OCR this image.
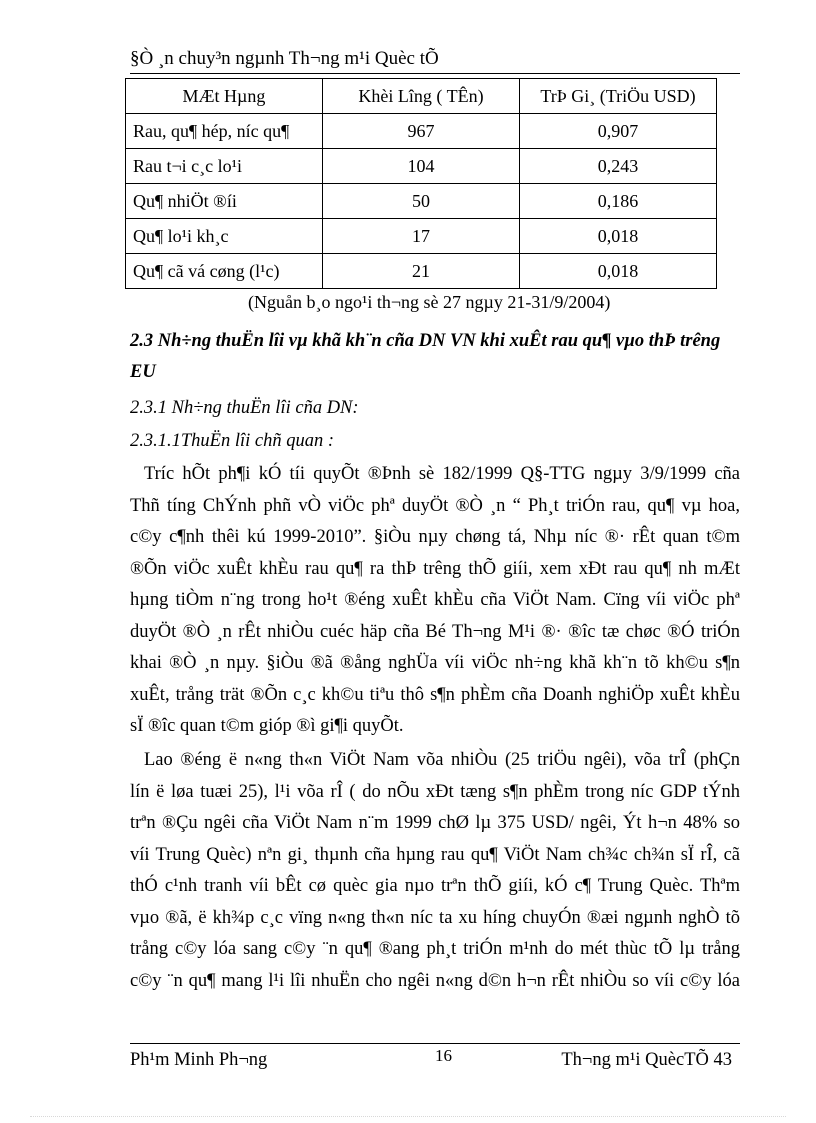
§Ò ¸n chuy³n ngµnh Th¬ng m¹i Quèc tÕ
MÆt Hµng	Khèi Lîng ( TÊn)	TrÞ Gi¸ (TriÖu USD)
Rau, qu¶ hép, níc qu¶	967	0,907
Rau t¬i c¸c lo¹i	104	0,243
Qu¶ nhiÖt ®íi	50	0,186
Qu¶ lo¹i kh¸c	17	0,018
Qu¶ cã vá cøng (l¹c)	21	0,018
(Nguån b¸o ngo¹i th¬ng sè 27 ngµy 21-31/9/2004)
2.3 Nh÷ng thuËn lîi vµ khã kh¨n cña DN VN khi xuÊt rau qu¶ vµo thÞ trêng EU
2.3.1 Nh÷ng thuËn lîi cña DN:
2.3.1.1ThuËn lîi chñ quan :
Tríc hÕt ph¶i kÓ tíi quyÕt ®Þnh sè 182/1999 Q§-TTG ngµy 3/9/1999 cña
Thñ tíng ChÝnh phñ vÒ viÖc phª duyÖt ®Ò ¸n “ Ph¸t triÓn rau, qu¶ vµ hoa,
c©y c¶nh thêi kú 1999-2010”. §iÒu nµy chøng tá, Nhµ níc ®· rÊt quan t©m
®Õn viÖc xuÊt khÈu rau qu¶ ra thÞ trêng thÕ giíi, xem xÐt rau qu¶ nh mÆt
hµng tiÒm n¨ng trong ho¹t ®éng xuÊt khÈu cña ViÖt Nam. Cïng víi viÖc phª
duyÖt ®Ò ¸n rÊt nhiÒu cuéc häp cña Bé Th¬ng M¹i ®· ®îc tæ chøc ®Ó triÓn
khai ®Ò ¸n nµy. §iÒu ®ã ®ång nghÜa víi viÖc nh÷ng khã kh¨n tõ kh©u s¶n
xuÊt, trång trät ®Õn c¸c kh©u tiªu thô s¶n phÈm cña Doanh nghiÖp xuÊt khÈu
sÏ ®îc quan t©m gióp ®ì gi¶i quyÕt.
Lao ®éng ë n«ng th«n ViÖt Nam võa nhiÒu (25 triÖu ngêi), võa trÎ (phÇn
lín ë løa tuæi 25), l¹i võa rÎ ( do nÕu xÐt tæng s¶n phÈm trong níc GDP tÝnh
trªn ®Çu ngêi cña ViÖt Nam n¨m 1999 chØ lµ 375 USD/ ngêi, Ýt h¬n 48% so
víi Trung Quèc) nªn gi¸ thµnh cña hµng rau qu¶ ViÖt Nam ch¾c ch¾n sÏ rÎ, cã
thÓ c¹nh tranh víi bÊt cø quèc gia nµo trªn thÕ giíi, kÓ c¶ Trung Quèc. Thªm
vµo ®ã, ë kh¾p c¸c vïng n«ng th«n níc ta xu híng chuyÓn ®æi ngµnh nghÒ tõ
trång c©y lóa sang c©y ¨n qu¶ ®ang ph¸t triÓn m¹nh do mét thùc tÕ lµ trång
c©y ¨n qu¶ mang l¹i lîi nhuËn cho ngêi n«ng d©n h¬n rÊt nhiÒu so víi c©y lóa
Ph¹m Minh Ph¬ng	16	Th¬ng m¹i QuècTÕ 43
